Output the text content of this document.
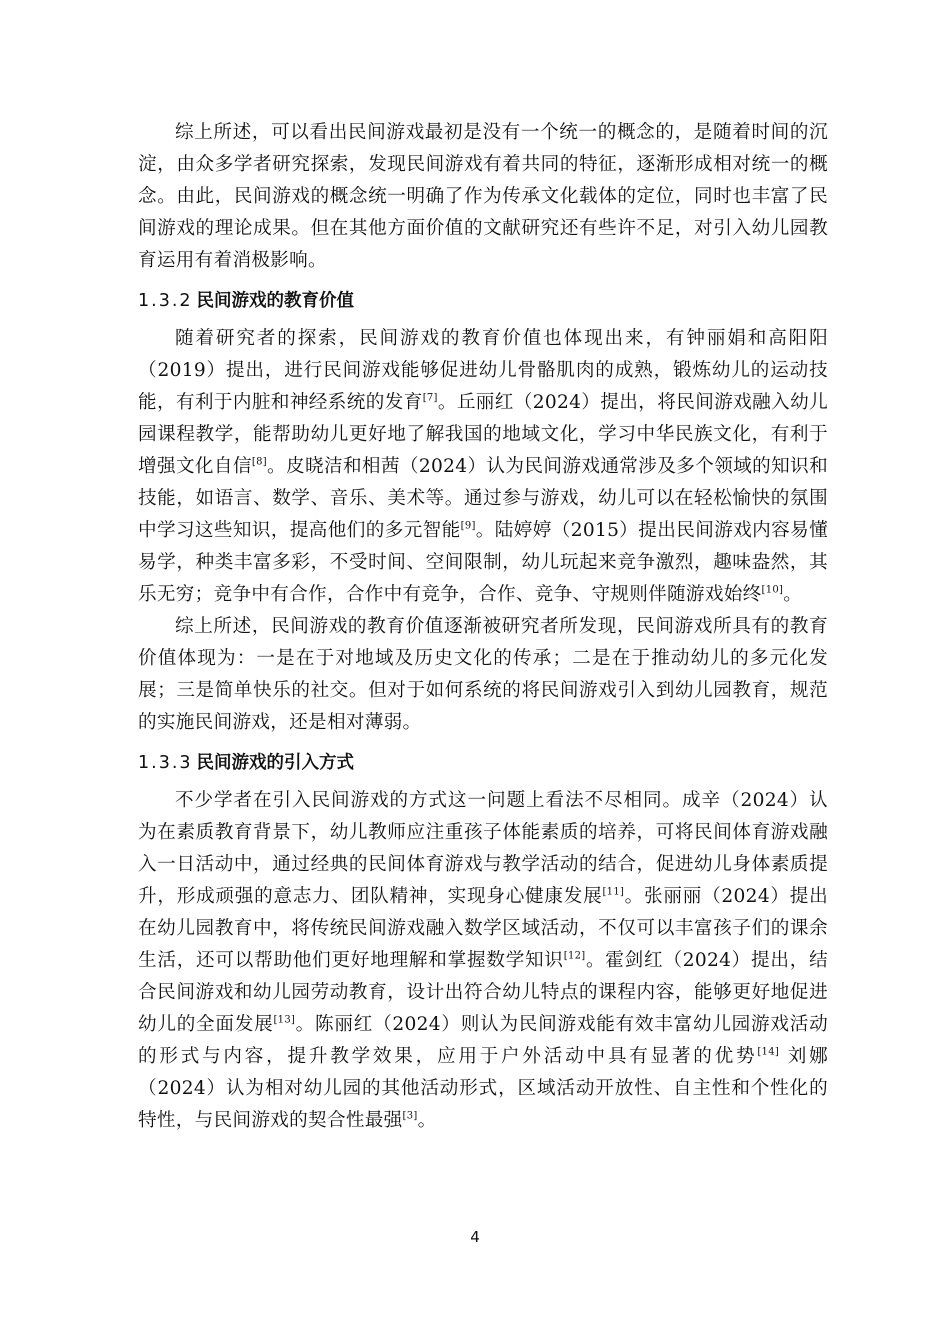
综上所述，可以看出民间游戏最初是没有一个统一的概念的，是随着时间的沉淀，由众多学者研究探索，发现民间游戏有着共同的特征，逐渐形成相对统一的概念。由此，民间游戏的概念统一明确了作为传承文化载体的定位，同时也丰富了民间游戏的理论成果。但在其他方面价值的文献研究还有些许不足，对引入幼儿园教育运用有着消极影响。

1.3.2 民间游戏的教育价值

随着研究者的探索，民间游戏的教育价值也体现出来，有钟丽娟和高阳阳（2019）提出，进行民间游戏能够促进幼儿骨骼肌肉的成熟，锻炼幼儿的运动技能，有利于内脏和神经系统的发育[7]。丘丽红（2024）提出，将民间游戏融入幼儿园课程教学，能帮助幼儿更好地了解我国的地域文化，学习中华民族文化，有利于增强文化自信[8]。皮晓洁和相茜（2024）认为民间游戏通常涉及多个领域的知识和技能，如语言、数学、音乐、美术等。通过参与游戏，幼儿可以在轻松愉快的氛围中学习这些知识，提高他们的多元智能[9]。陆婷婷（2015）提出民间游戏内容易懂易学，种类丰富多彩，不受时间、空间限制，幼儿玩起来竞争激烈，趣味盎然，其乐无穷；竞争中有合作，合作中有竞争，合作、竞争、守规则伴随游戏始终[10]。

综上所述，民间游戏的教育价值逐渐被研究者所发现，民间游戏所具有的教育价值体现为：一是在于对地域及历史文化的传承；二是在于推动幼儿的多元化发展；三是简单快乐的社交。但对于如何系统的将民间游戏引入到幼儿园教育，规范的实施民间游戏，还是相对薄弱。

1.3.3 民间游戏的引入方式

不少学者在引入民间游戏的方式这一问题上看法不尽相同。成辛（2024）认为在素质教育背景下，幼儿教师应注重孩子体能素质的培养，可将民间体育游戏融入一日活动中，通过经典的民间体育游戏与教学活动的结合，促进幼儿身体素质提升，形成顽强的意志力、团队精神，实现身心健康发展[11]。张丽丽（2024）提出在幼儿园教育中，将传统民间游戏融入数学区域活动，不仅可以丰富孩子们的课余生活，还可以帮助他们更好地理解和掌握数学知识[12]。霍剑红（2024）提出，结合民间游戏和幼儿园劳动教育，设计出符合幼儿特点的课程内容，能够更好地促进幼儿的全面发展[13]。陈丽红（2024）则认为民间游戏能有效丰富幼儿园游戏活动的形式与内容，提升教学效果，应用于户外活动中具有显著的优势[14] 刘娜（2024）认为相对幼儿园的其他活动形式，区域活动开放性、自主性和个性化的特性，与民间游戏的契合性最强[3]。

4
